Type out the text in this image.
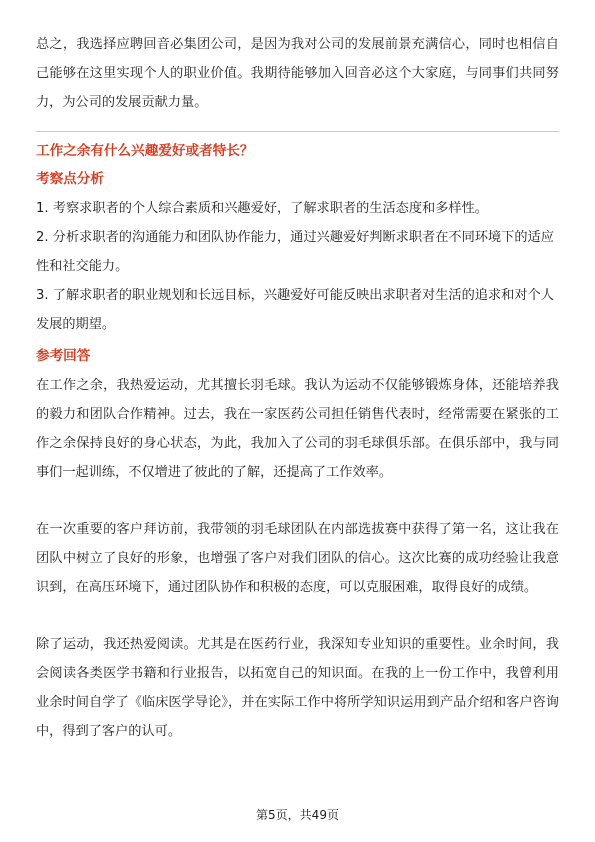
总之，我选择应聘回音必集团公司，是因为我对公司的发展前景充满信心，同时也相信自己能够在这里实现个人的职业价值。我期待能够加入回音必这个大家庭，与同事们共同努力，为公司的发展贡献力量。

工作之余有什么兴趣爱好或者特长？

考察点分析

1. 考察求职者的个人综合素质和兴趣爱好，了解求职者的生活态度和多样性。

2. 分析求职者的沟通能力和团队协作能力，通过兴趣爱好判断求职者在不同环境下的适应性和社交能力。

3. 了解求职者的职业规划和长远目标，兴趣爱好可能反映出求职者对生活的追求和对个人发展的期望。

参考回答

在工作之余，我热爱运动，尤其擅长羽毛球。我认为运动不仅能够锻炼身体，还能培养我的毅力和团队合作精神。过去，我在一家医药公司担任销售代表时，经常需要在紧张的工作之余保持良好的身心状态，为此，我加入了公司的羽毛球俱乐部。在俱乐部中，我与同事们一起训练，不仅增进了彼此的了解，还提高了工作效率。

在一次重要的客户拜访前，我带领的羽毛球团队在内部选拔赛中获得了第一名，这让我在团队中树立了良好的形象，也增强了客户对我们团队的信心。这次比赛的成功经验让我意识到，在高压环境下，通过团队协作和积极的态度，可以克服困难，取得良好的成绩。

除了运动，我还热爱阅读。尤其是在医药行业，我深知专业知识的重要性。业余时间，我会阅读各类医学书籍和行业报告，以拓宽自己的知识面。在我的上一份工作中，我曾利用业余时间自学了《临床医学导论》，并在实际工作中将所学知识运用到产品介绍和客户咨询中，得到了客户的认可。

第5页，共49页
